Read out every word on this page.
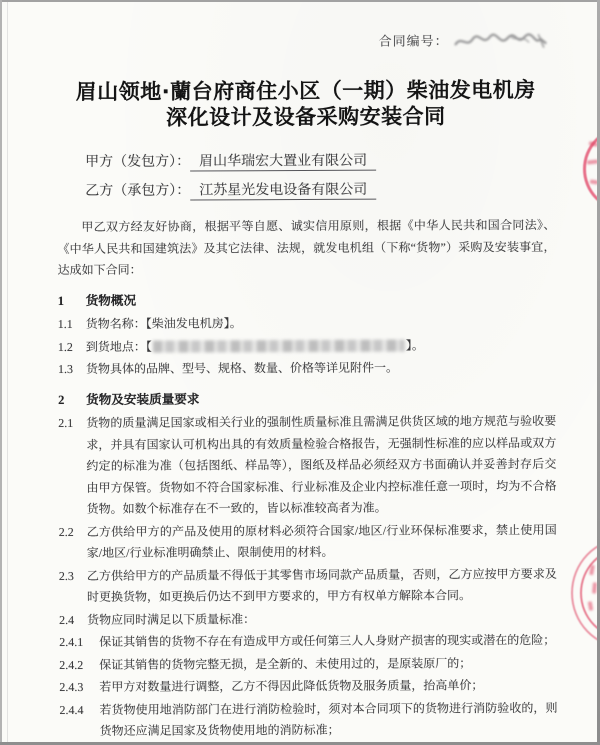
合同编号：
眉山领地·蘭台府商住小区（一期）柴油发电机房
深化设计及设备采购安装合同
甲方（发包方）： 眉山华瑞宏大置业有限公司
乙方（承包方）： 江苏星光发电设备有限公司

甲乙双方经友好协商，根据平等自愿、诚实信用原则，根据《中华人民共和国合同法》、《中华人民共和国建筑法》及其它法律、法规，就发电机组（下称“货物”）采购及安装事宜，达成如下合同：

1	货物概况
1.1	货物名称：【柴油发电机房】。
1.2	到货地点：【	】。
1.3	货物具体的品牌、型号、规格、数量、价格等详见附件一。
2	货物及安装质量要求
2.1	货物的质量满足国家或相关行业的强制性质量标准且需满足供货区域的地方规范与验收要求，并具有国家认可机构出具的有效质量检验合格报告，无强制性标准的应以样品或双方约定的标准为准（包括图纸、样品等），图纸及样品必须经双方书面确认并妥善封存后交由甲方保管。货物如不符合国家标准、行业标准及企业内控标准任意一项时，均为不合格货物。如数个标准存在不一致的，皆以标准较高者为准。
2.2	乙方供给甲方的产品及使用的原材料必须符合国家/地区/行业环保标准要求，禁止使用国家/地区/行业标准明确禁止、限制使用的材料。
2.3	乙方供给甲方的产品质量不得低于其零售市场同款产品质量，否则，乙方应按甲方要求及时更换货物，如更换后仍达不到甲方要求的，甲方有权单方解除本合同。
2.4	货物应同时满足以下质量标准：
2.4.1	保证其销售的货物不存在有造成甲方或任何第三人人身财产损害的现实或潜在的危险；
2.4.2	保证其销售的货物完整无损，是全新的、未使用过的，是原装原厂的；
2.4.3	若甲方对数量进行调整，乙方不得因此降低货物及服务质量，抬高单价；
2.4.4	若货物使用地消防部门在进行消防检验时，须对本合同项下的货物进行消防验收的，则货物还应满足国家及货物使用地的消防标准；
